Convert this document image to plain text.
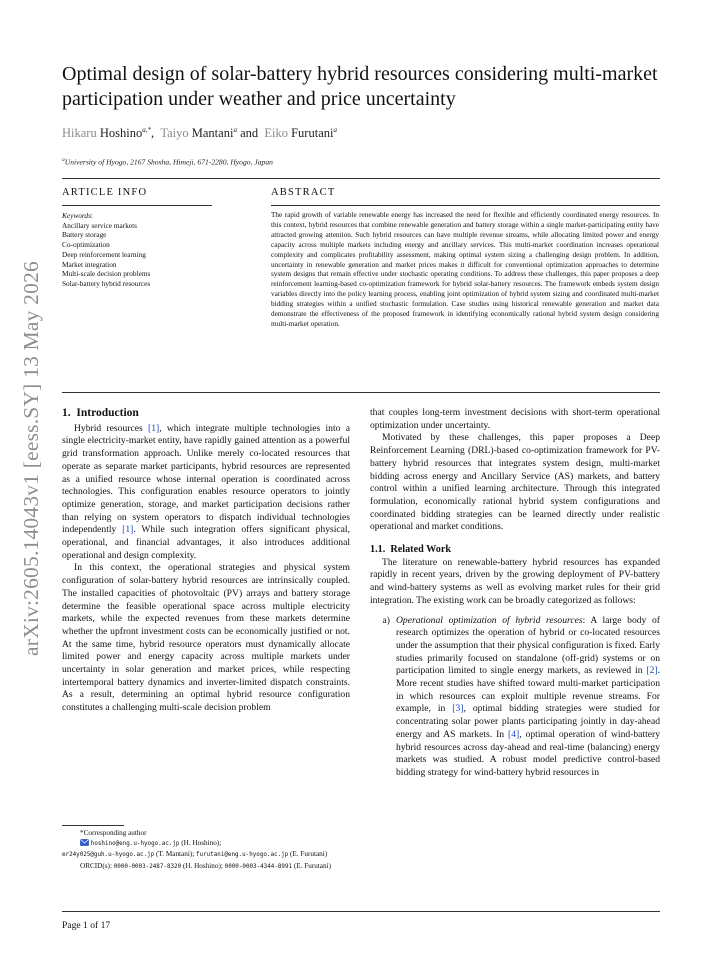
arXiv:2605.14043v1 [eess.SY] 13 May 2026
Optimal design of solar-battery hybrid resources considering multi-market participation under weather and price uncertainty
Hikaru Hoshino$^{a,*}$, Taiyo Mantani$^a$ and Eiko Furutani$^a$
$^a$University of Hyogo, 2167 Shosha, Himeji, 671-2280, Hyogo, Japan
ARTICLE INFO
Keywords:
Ancillary service markets
Battery storage
Co-optimization
Deep reinforcement learning
Market integration
Multi-scale decision problems
Solar-battery hybrid resources
ABSTRACT
The rapid growth of variable renewable energy has increased the need for flexible and efficiently coordinated energy resources. In this context, hybrid resources that combine renewable generation and battery storage within a single market-participating entity have attracted growing attention. Such hybrid resources can have multiple revenue streams, while allocating limited power and energy capacity across multiple markets including energy and ancillary services. This multi-market coordination increases operational complexity and complicates profitability assessment, making optimal system sizing a challenging design problem. In addition, uncertainty in renewable generation and market prices makes it difficult for conventional optimization approaches to determine system designs that remain effective under stochastic operating conditions. To address these challenges, this paper proposes a deep reinforcement learning-based co-optimization framework for hybrid solar-battery resources. The framework embeds system design variables directly into the policy learning process, enabling joint optimization of hybrid system sizing and coordinated multi-market bidding strategies within a unified stochastic formulation. Case studies using historical renewable generation and market data demonstrate the effectiveness of the proposed framework in identifying economically rational hybrid system design considering multi-market operation.
1. Introduction

Hybrid resources [1], which integrate multiple technologies into a single electricity-market entity, have rapidly gained attention as a powerful grid transformation approach. Unlike merely co-located resources that operate as separate market participants, hybrid resources are represented as a unified resource whose internal operation is coordinated across technologies. This configuration enables resource operators to jointly optimize generation, storage, and market participation decisions rather than relying on system operators to dispatch individual technologies independently [1]. While such integration offers significant physical, operational, and financial advantages, it also introduces additional operational and design complexity.

In this context, the operational strategies and physical system configuration of solar-battery hybrid resources are intrinsically coupled. The installed capacities of photovoltaic (PV) arrays and battery storage determine the feasible operational space across multiple electricity markets, while the expected revenues from these markets determine whether the upfront investment costs can be economically justified or not. At the same time, hybrid resource operators must dynamically allocate limited power and energy capacity across multiple markets under uncertainty in solar generation and market prices, while respecting intertemporal battery dynamics and inverter-limited dispatch constraints. As a result, determining an optimal hybrid resource configuration constitutes a challenging multi-scale decision problem

*Corresponding author
hoshino@eng.u-hyogo.ac.jp (H. Hoshino);
er24y025@guh.u-hyogo.ac.jp (T. Mantani); furutani@eng.u-hyogo.ac.jp (E. Furutani)
ORCID(s): 0000-0003-2487-8320 (H. Hoshino); 0000-0003-4344-8991 (E. Furutani)

that couples long-term investment decisions with short-term operational optimization under uncertainty.

Motivated by these challenges, this paper proposes a Deep Reinforcement Learning (DRL)-based co-optimization framework for PV-battery hybrid resources that integrates system design, multi-market bidding across energy and Ancillary Service (AS) markets, and battery control within a unified learning architecture. Through this integrated formulation, economically rational hybrid system configurations and coordinated bidding strategies can be learned directly under realistic operational and market conditions.

1.1. Related Work

The literature on renewable-battery hybrid resources has expanded rapidly in recent years, driven by the growing deployment of PV-battery and wind-battery systems as well as evolving market rules for their grid integration. The existing work can be broadly categorized as follows:

a) Operational optimization of hybrid resources: A large body of research optimizes the operation of hybrid or co-located resources under the assumption that their physical configuration is fixed. Early studies primarily focused on standalone (off-grid) systems or on participation limited to single energy markets, as reviewed in [2]. More recent studies have shifted toward multi-market participation in which resources can exploit multiple revenue streams. For example, in [3], optimal bidding strategies were studied for concentrating solar power plants participating jointly in day-ahead energy and AS markets. In [4], optimal operation of wind-battery hybrid resources across day-ahead and real-time (balancing) energy markets was studied. A robust model predictive control-based bidding strategy for wind-battery hybrid resources in
Page 1 of 17
